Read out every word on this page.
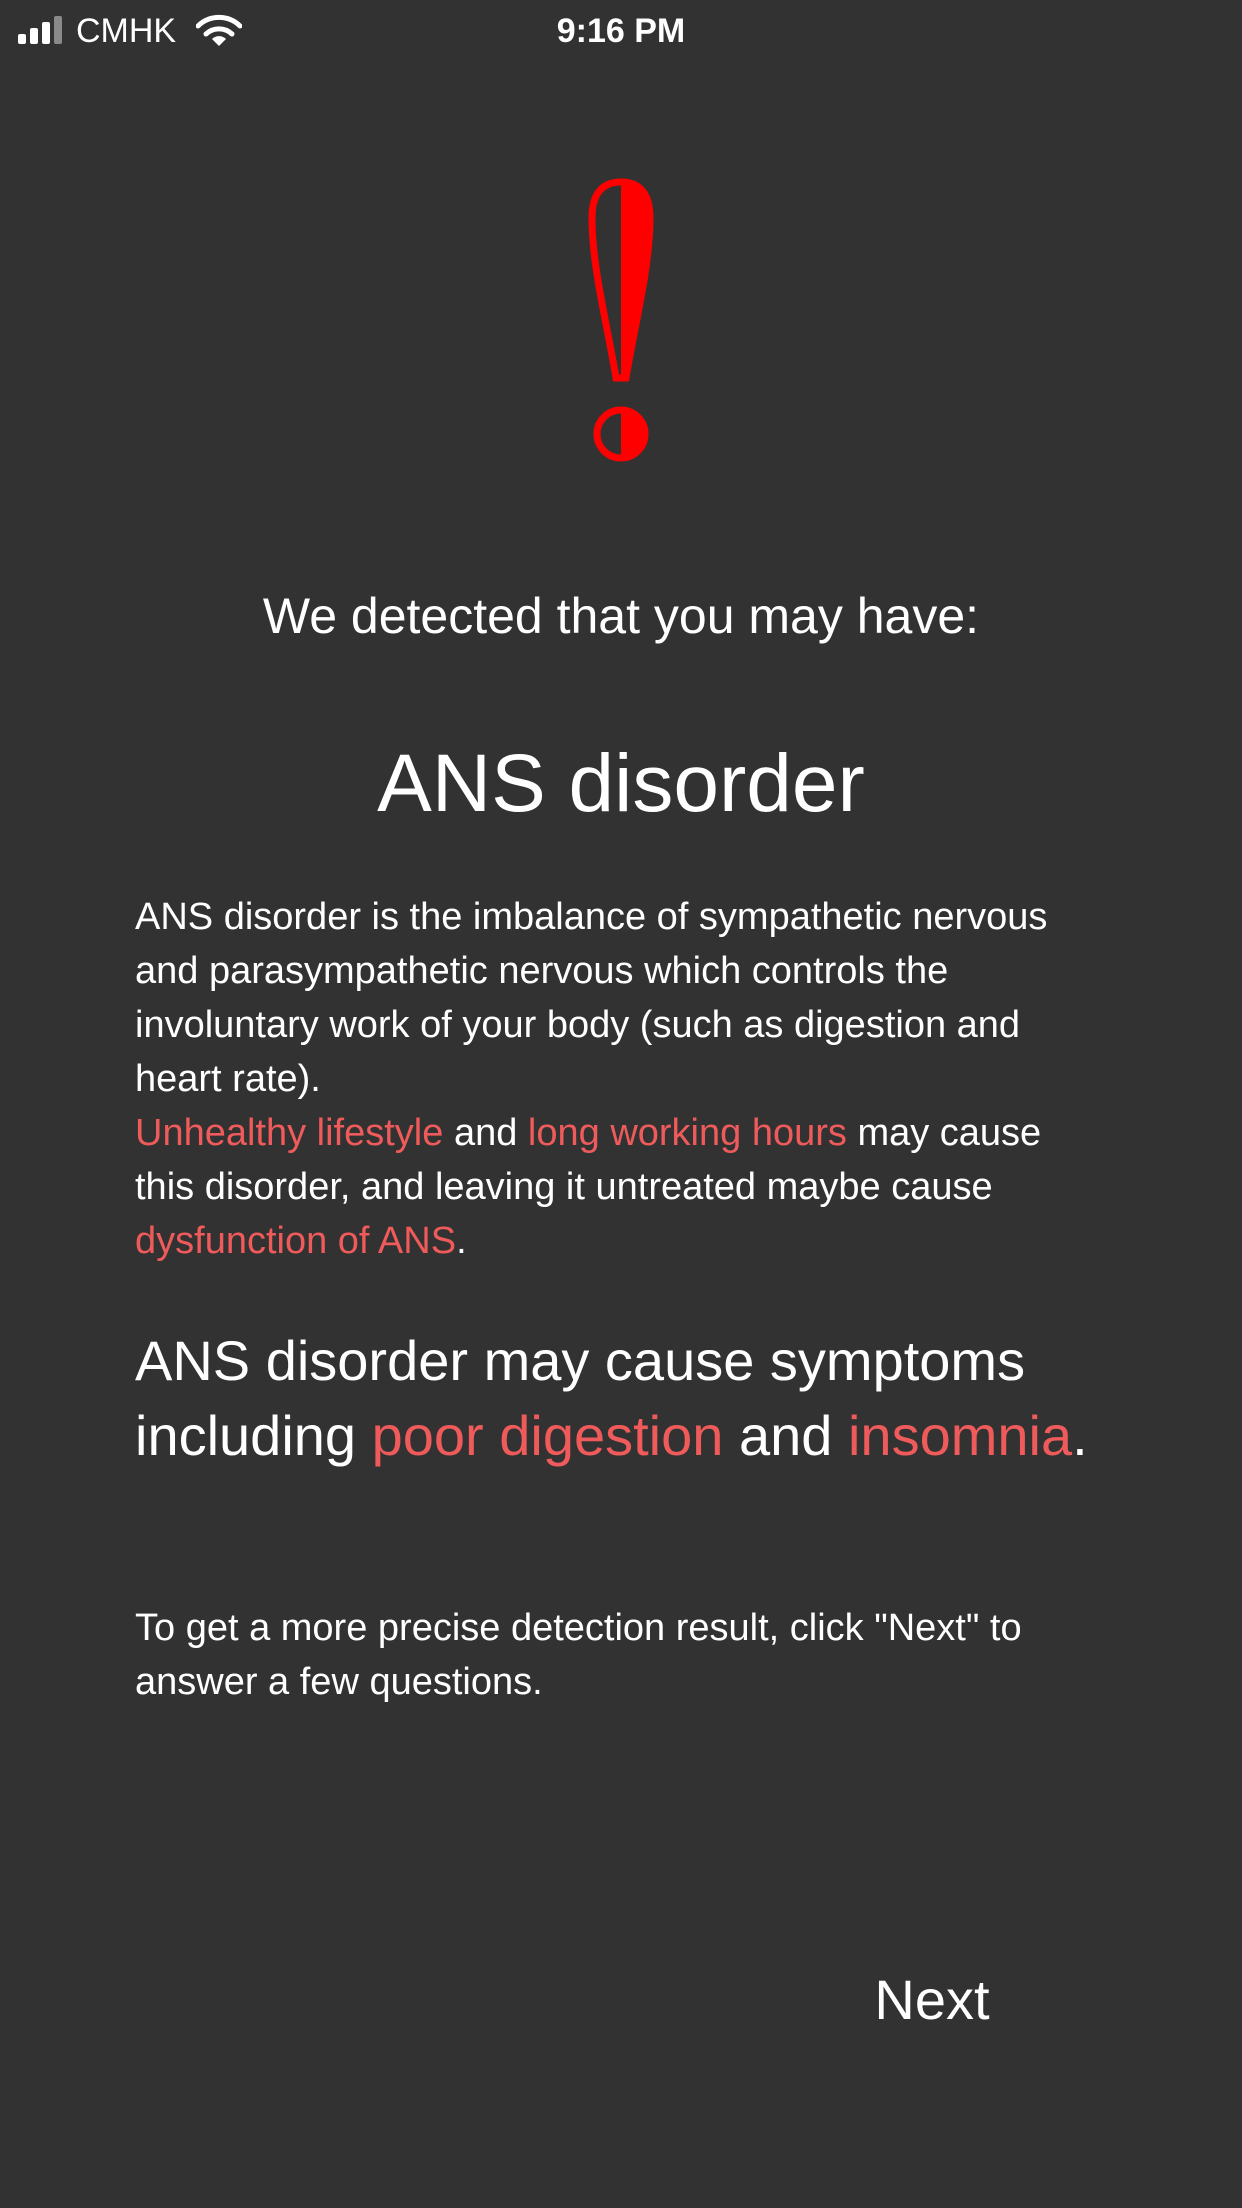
CMHK	9:16 PM
We detected that you may have:
ANS disorder
ANS disorder is the imbalance of sympathetic nervous and parasympathetic nervous which controls the involuntary work of your body (such as digestion and heart rate).
Unhealthy lifestyle and long working hours may cause this disorder, and leaving it untreated maybe cause dysfunction of ANS.
ANS disorder may cause symptoms including poor digestion and insomnia.
To get a more precise detection result, click "Next" to answer a few questions.
Next
